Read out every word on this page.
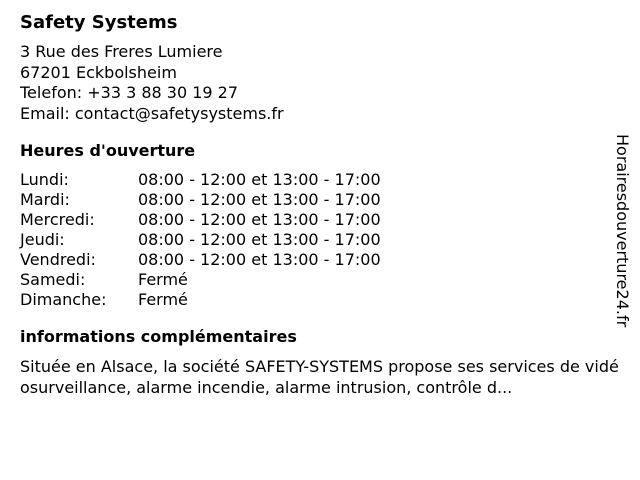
Safety Systems
3 Rue des Freres Lumiere
67201 Eckbolsheim
Telefon: +33 3 88 30 19 27
Email: contact@safetysystems.fr
Heures d'ouverture
Lundi:	08:00 - 12:00 et 13:00 - 17:00
Mardi:	08:00 - 12:00 et 13:00 - 17:00
Mercredi:	08:00 - 12:00 et 13:00 - 17:00
Jeudi:	08:00 - 12:00 et 13:00 - 17:00
Vendredi:	08:00 - 12:00 et 13:00 - 17:00
Samedi:	Fermé
Dimanche:	Fermé
informations complémentaires
Située en Alsace, la société SAFETY-SYSTEMS propose ses services de vidéosurveillance, alarme incendie, alarme intrusion, contrôle d...
Horairesdouverture24.fr
